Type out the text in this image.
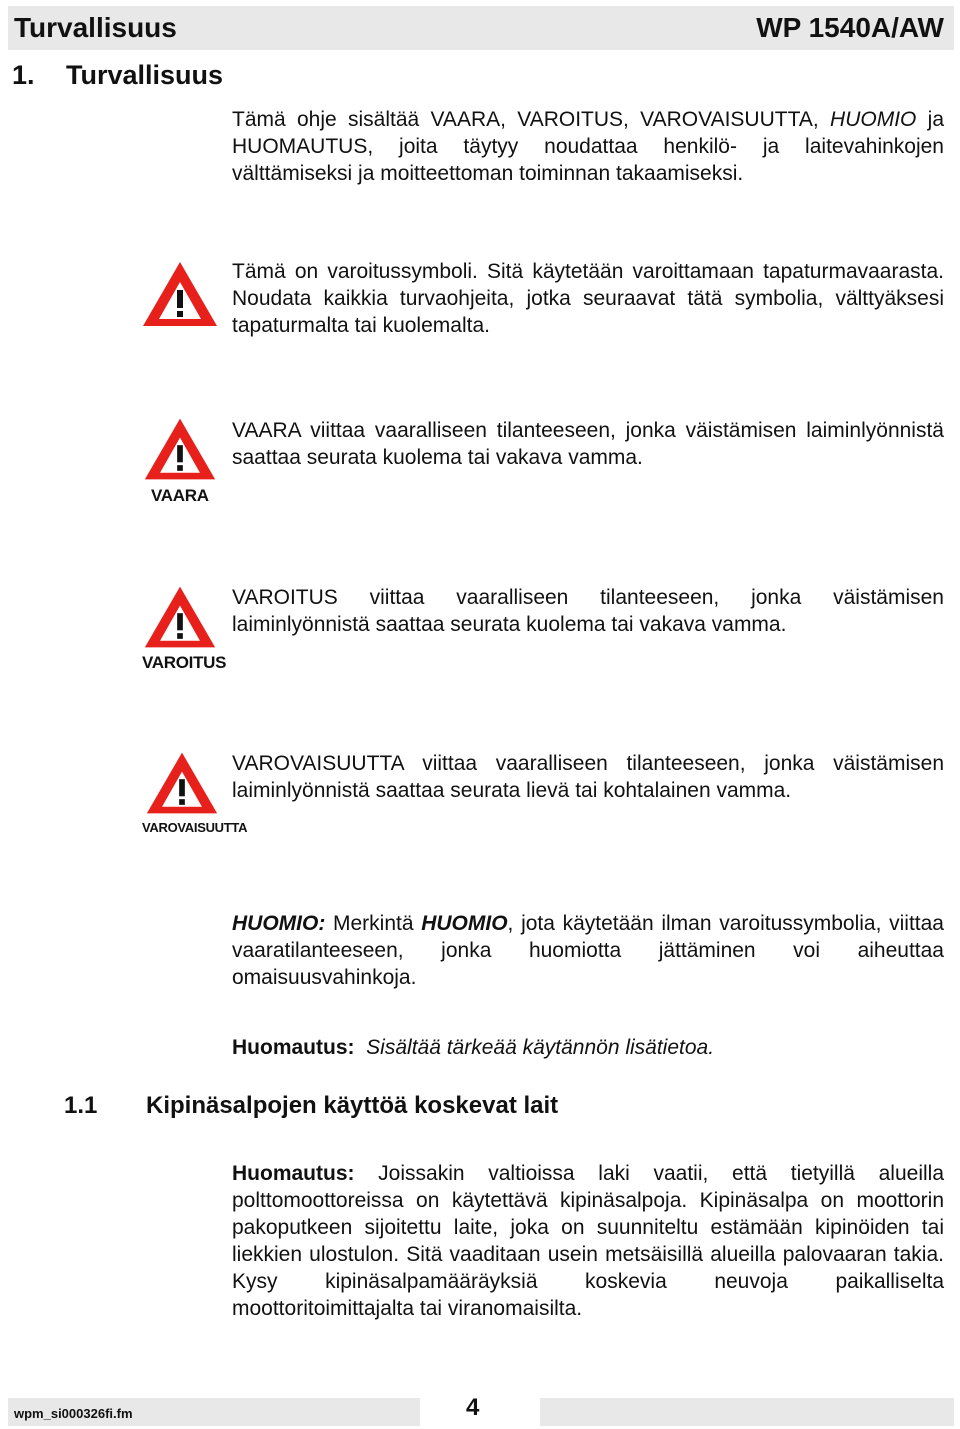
Turvallisuus	WP 1540A/AW
1. Turvallisuus

Tämä ohje sisältää VAARA, VAROITUS, VAROVAISUUTTA, HUOMIO ja HUOMAUTUS, joita täytyy noudattaa henkilö- ja laitevahinkojen välttämiseksi ja moitteettoman toiminnan takaamiseksi.

Tämä on varoitussymboli. Sitä käytetään varoittamaan tapaturmavaarasta. Noudata kaikkia turvaohjeita, jotka seuraavat tätä symbolia, välttyäksesi tapaturmalta tai kuolemalta.

VAARA

VAARA viittaa vaaralliseen tilanteeseen, jonka väistämisen laiminlyönnistä saattaa seurata kuolema tai vakava vamma.

VAROITUS

VAROITUS viittaa vaaralliseen tilanteeseen, jonka väistämisen laiminlyönnistä saattaa seurata kuolema tai vakava vamma.

VAROVAISUUTTA

VAROVAISUUTTA viittaa vaaralliseen tilanteeseen, jonka väistämisen laiminlyönnistä saattaa seurata lievä tai kohtalainen vamma.

HUOMIO: Merkintä HUOMIO, jota käytetään ilman varoitussymbolia, viittaa vaaratilanteeseen, jonka huomiotta jättäminen voi aiheuttaa omaisuusvahinkoja.

Huomautus: Sisältää tärkeää käytännön lisätietoa.

1.1 Kipinäsalpojen käyttöä koskevat lait

Huomautus: Joissakin valtioissa laki vaatii, että tietyillä alueilla polttomoottoreissa on käytettävä kipinäsalpoja. Kipinäsalpa on moottorin pakoputkeen sijoitettu laite, joka on suunniteltu estämään kipinöiden tai liekkien ulostulon. Sitä vaaditaan usein metsäisillä alueilla palovaaran takia. Kysy kipinäsalpamääräyksiä koskevia neuvoja paikalliselta moottoritoimittajalta tai viranomaisilta.

wpm_si000326fi.fm	4
